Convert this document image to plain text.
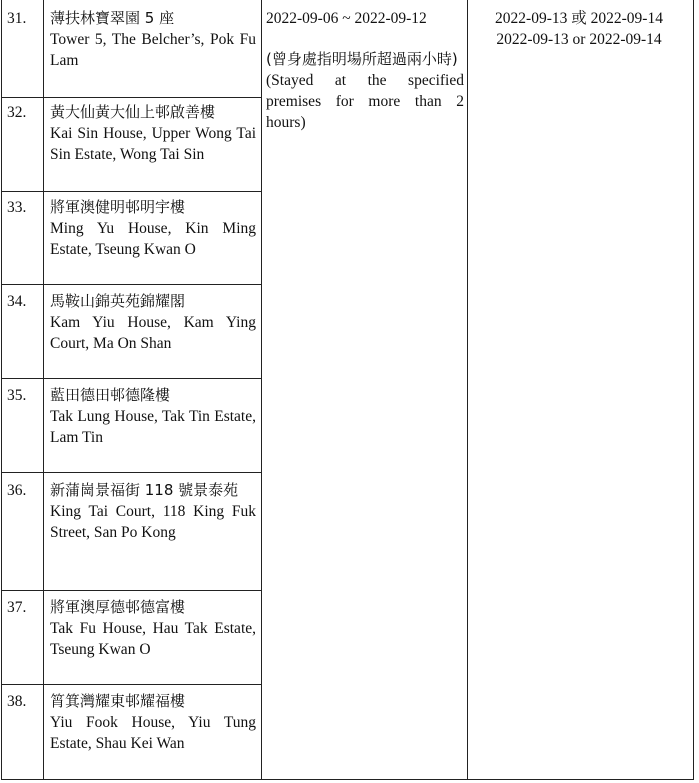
31.	薄扶林寶翠園 5 座
Tower 5, The Belcher’s, Pok Fu Lam
32.	黃大仙黃大仙上邨啟善樓
Kai Sin House, Upper Wong Tai Sin Estate, Wong Tai Sin
33.	將軍澳健明邨明宇樓
Ming Yu House, Kin Ming Estate, Tseung Kwan O
34.	馬鞍山錦英苑錦耀閣
Kam Yiu House, Kam Ying Court, Ma On Shan
35.	藍田德田邨德隆樓
Tak Lung House, Tak Tin Estate, Lam Tin
36.	新蒲崗景福街 118 號景泰苑
King Tai Court, 118 King Fuk Street, San Po Kong
37.	將軍澳厚德邨德富樓
Tak Fu House, Hau Tak Estate, Tseung Kwan O
38.	筲箕灣耀東邨耀福樓
Yiu Fook House, Yiu Tung Estate, Shau Kei Wan
2022-09-06 ~ 2022-09-12
(曾身處指明場所超過兩小時)
(Stayed at the specified premises for more than 2 hours)
2022-09-13 或 2022-09-14
2022-09-13 or 2022-09-14
